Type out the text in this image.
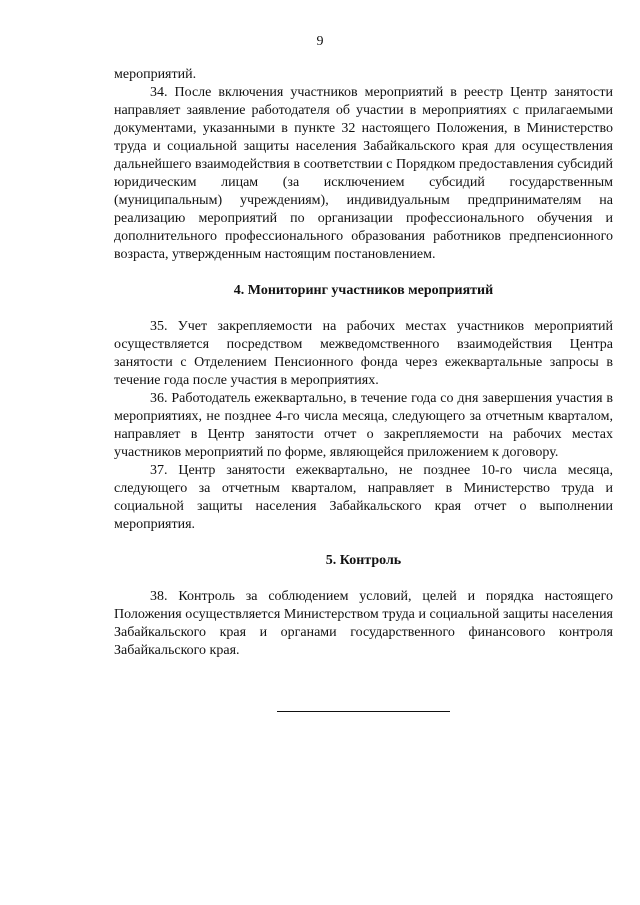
9

мероприятий.

34. После включения участников мероприятий в реестр Центр занятости направляет заявление работодателя об участии в мероприятиях с прилагаемыми документами, указанными в пункте 32 настоящего Положения, в Министерство труда и социальной защиты населения Забайкальского края для осуществления дальнейшего взаимодействия в соответствии с Порядком предоставления субсидий юридическим лицам (за исключением субсидий государственным (муниципальным) учреждениям), индивидуальным предпринимателям на реализацию мероприятий по организации профессионального обучения и дополнительного профессионального образования работников предпенсионного возраста, утвержденным настоящим постановлением.

4. Мониторинг участников мероприятий

35. Учет закрепляемости на рабочих местах участников мероприятий осуществляется посредством межведомственного взаимодействия Центра занятости с Отделением Пенсионного фонда через ежеквартальные запросы в течение года после участия в мероприятиях.

36. Работодатель ежеквартально, в течение года со дня завершения участия в мероприятиях, не позднее 4-го числа месяца, следующего за отчетным кварталом, направляет в Центр занятости отчет о закрепляемости на рабочих местах участников мероприятий по форме, являющейся приложением к договору.

37. Центр занятости ежеквартально, не позднее 10-го числа месяца, следующего за отчетным кварталом, направляет в Министерство труда и социальной защиты населения Забайкальского края отчет о выполнении мероприятия.

5. Контроль

38. Контроль за соблюдением условий, целей и порядка настоящего Положения осуществляется Министерством труда и социальной защиты населения Забайкальского края и органами государственного финансового контроля Забайкальского края.
